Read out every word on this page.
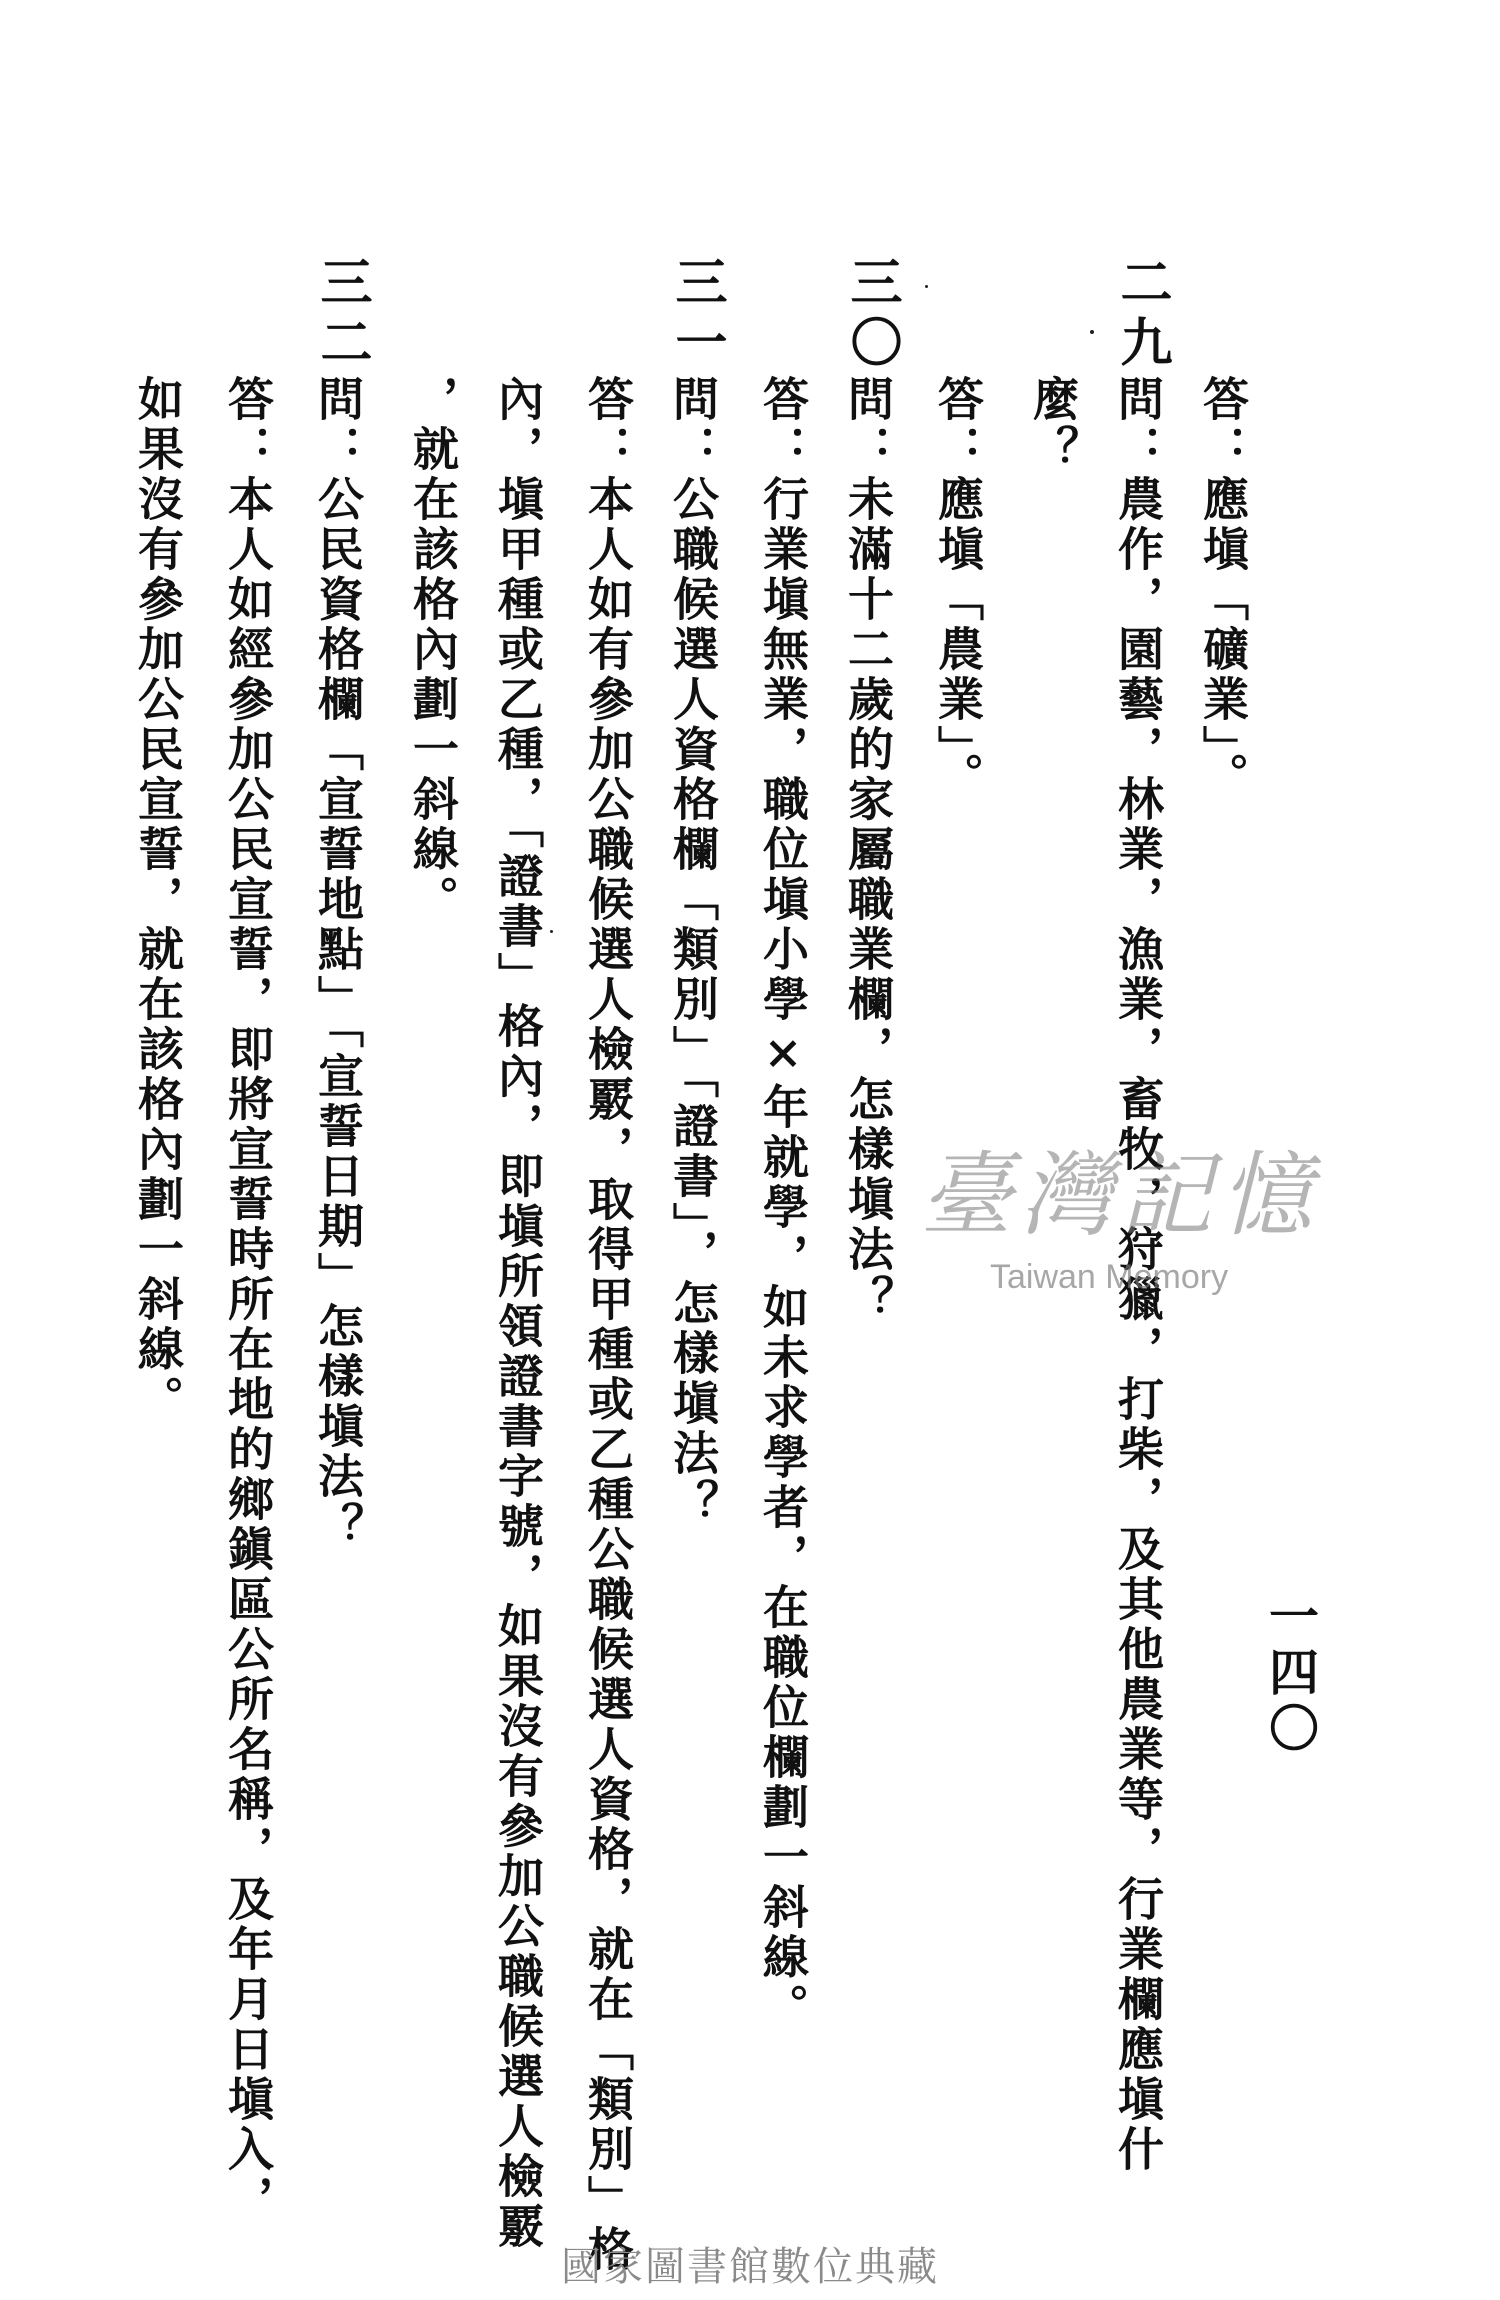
一四〇
二九
三〇
三一
三二
答：應塡「礦業」。
問：農作，園藝，林業，漁業，畜牧，狩獵，打柴，及其他農業等，行業欄應塡什
麼？
答：應塡「農業」。
問：未滿十二歲的家屬職業欄，怎樣塡法？
答：行業塡無業，職位塡小學×年就學，如未求學者，在職位欄劃一斜線。
問：公職候選人資格欄「類別」「證書」，怎樣塡法？
答：本人如有參加公職候選人檢覈，取得甲種或乙種公職候選人資格，就在「類別」格
內，塡甲種或乙種，「證書」格內，即塡所領證書字號，如果沒有參加公職候選人檢覈
，就在該格內劃一斜線。
問：公民資格欄「宣誓地點」「宣誓日期」怎樣塡法？
答：本人如經參加公民宣誓，即將宣誓時所在地的鄉鎭區公所名稱，及年月日塡入，
如果沒有參加公民宣誓，就在該格內劃一斜線。	臺灣記憶
Taiwan Memory
國家圖書館數位典藏
